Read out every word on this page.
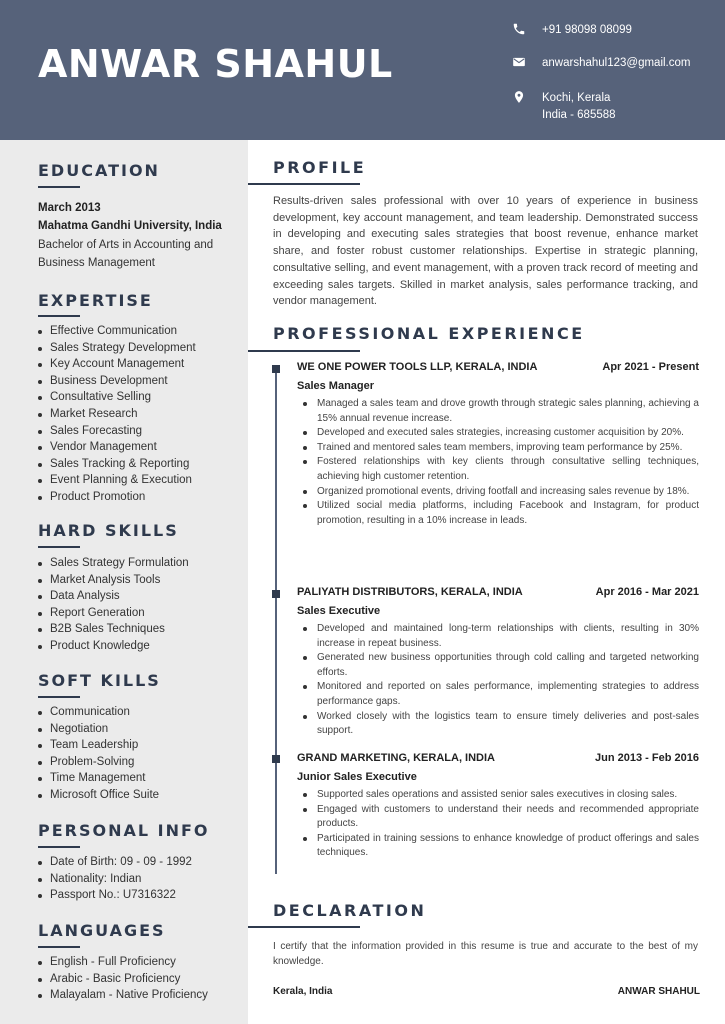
ANWAR SHAHUL
+91 98098 08099
anwarshahul123@gmail.com
Kochi, Kerala
India - 685588
EDUCATION
March 2013
Mahatma Gandhi University, India
Bachelor of Arts in Accounting and Business Management
EXPERTISE
Effective Communication
Sales Strategy Development
Key Account Management
Business Development
Consultative Selling
Market Research
Sales Forecasting
Vendor Management
Sales Tracking & Reporting
Event Planning & Execution
Product Promotion
HARD SKILLS
Sales Strategy Formulation
Market Analysis Tools
Data Analysis
Report Generation
B2B Sales Techniques
Product Knowledge
SOFT KILLS
Communication
Negotiation
Team Leadership
Problem-Solving
Time Management
Microsoft Office Suite
PERSONAL INFO
Date of Birth: 09 - 09 - 1992
Nationality: Indian
Passport No.: U7316322
LANGUAGES
English - Full Proficiency
Arabic - Basic Proficiency
Malayalam - Native Proficiency
PROFILE

Results-driven sales professional with over 10 years of experience in business development, key account management, and team leadership. Demonstrated success in developing and executing sales strategies that boost revenue, enhance market share, and foster robust customer relationships. Expertise in strategic planning, consultative selling, and event management, with a proven track record of meeting and exceeding sales targets. Skilled in market analysis, sales performance tracking, and vendor management.

PROFESSIONAL EXPERIENCE
WE ONE POWER TOOLS LLP, KERALA, INDIA	Apr 2021 - Present
Sales Manager
Managed a sales team and drove growth through strategic sales planning, achieving a 15% annual revenue increase.
Developed and executed sales strategies, increasing customer acquisition by 20%.
Trained and mentored sales team members, improving team performance by 25%.
Fostered relationships with key clients through consultative selling techniques, achieving high customer retention.
Organized promotional events, driving footfall and increasing sales revenue by 18%.
Utilized social media platforms, including Facebook and Instagram, for product promotion, resulting in a 10% increase in leads.
PALIYATH DISTRIBUTORS, KERALA, INDIA	Apr 2016 - Mar 2021
Sales Executive
Developed and maintained long-term relationships with clients, resulting in 30% increase in repeat business.
Generated new business opportunities through cold calling and targeted networking efforts.
Monitored and reported on sales performance, implementing strategies to address performance gaps.
Worked closely with the logistics team to ensure timely deliveries and post-sales support.
GRAND MARKETING, KERALA, INDIA	Jun 2013 - Feb 2016
Junior Sales Executive
Supported sales operations and assisted senior sales executives in closing sales.
Engaged with customers to understand their needs and recommended appropriate products.
Participated in training sessions to enhance knowledge of product offerings and sales techniques.
DECLARATION

I certify that the information provided in this resume is true and accurate to the best of my knowledge.

Kerala, India	ANWAR SHAHUL
